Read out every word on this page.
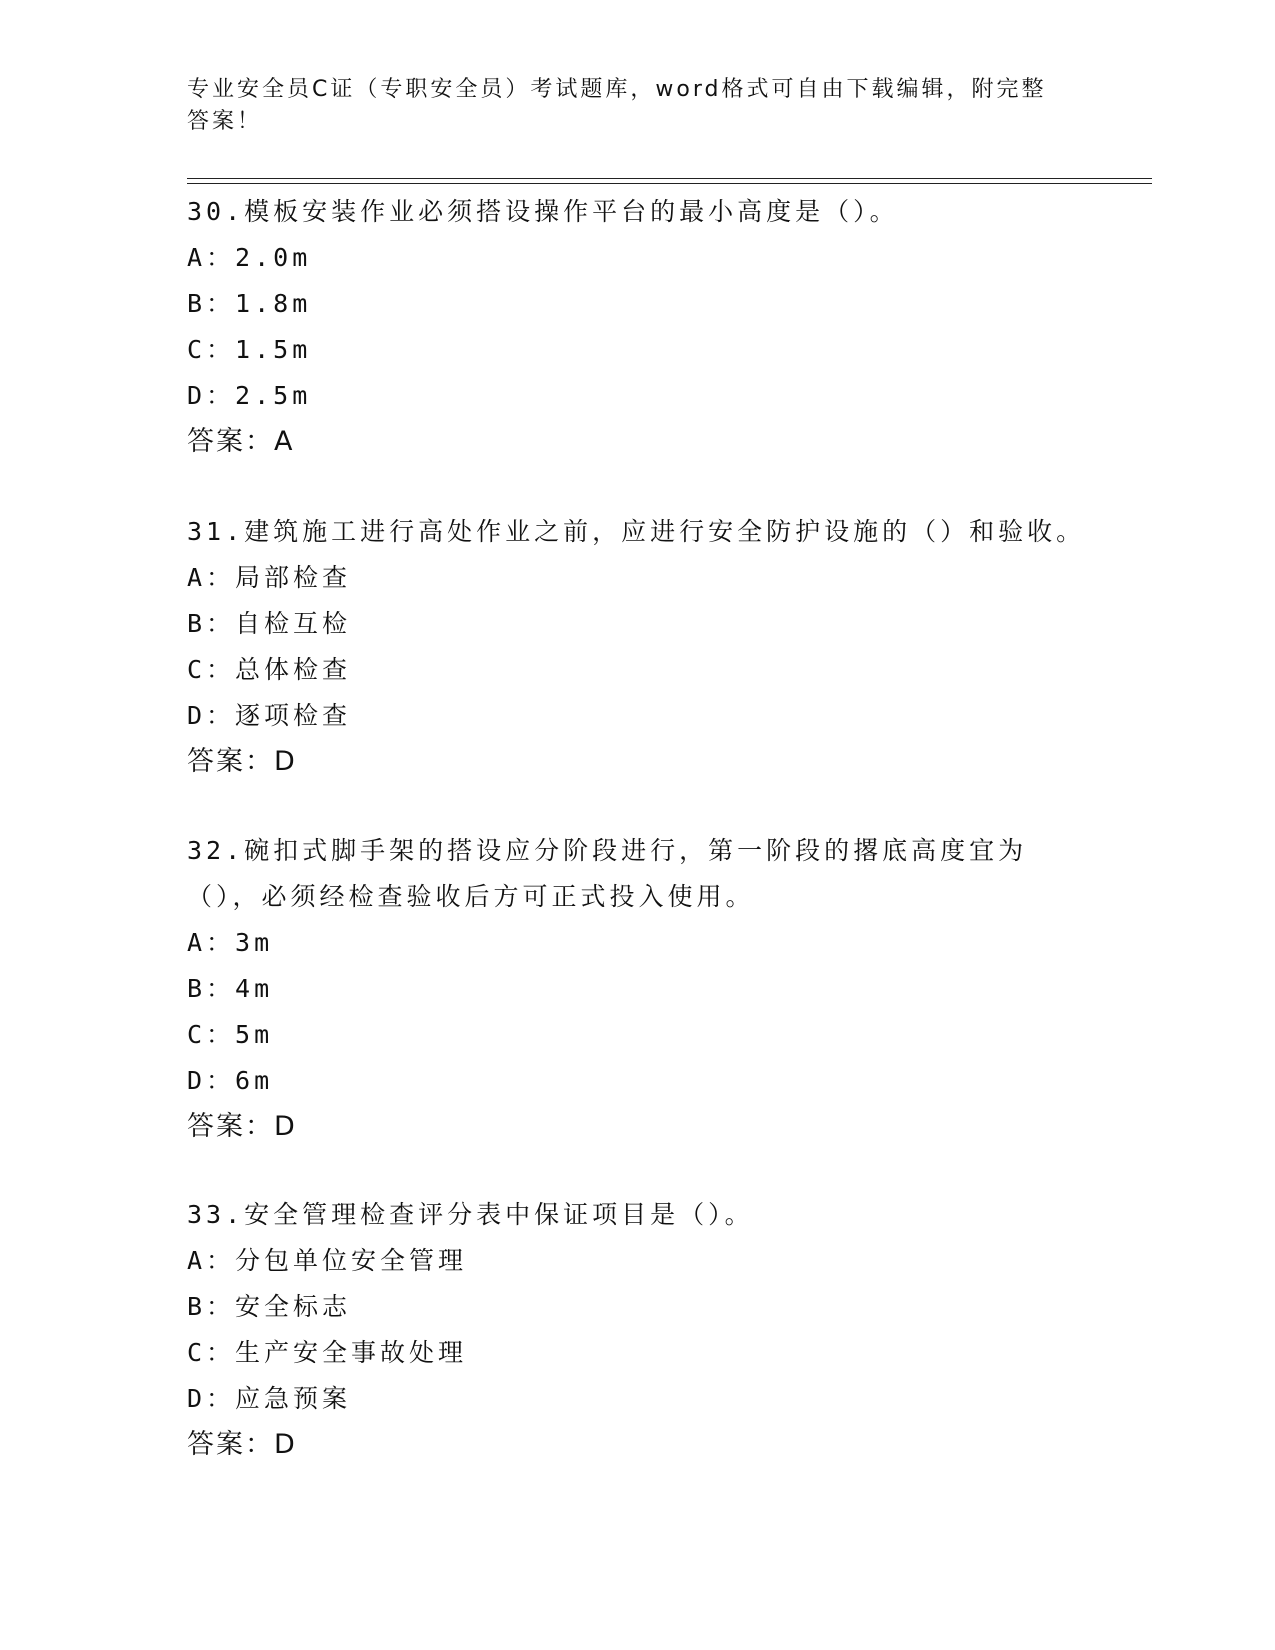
专业安全员C证（专职安全员）考试题库，word格式可自由下载编辑，附完整答案！

30.模板安装作业必须搭设操作平台的最小高度是（）。

A：2.0m

B：1.8m

C：1.5m

D：2.5m

答案：A

31.建筑施工进行高处作业之前，应进行安全防护设施的（）和验收。

A：局部检查

B：自检互检

C：总体检查

D：逐项检查

答案：D

32.碗扣式脚手架的搭设应分阶段进行，第一阶段的撂底高度宜为（），必须经检查验收后方可正式投入使用。

A：3m

B：4m

C：5m

D：6m

答案：D

33.安全管理检查评分表中保证项目是（）。

A：分包单位安全管理

B：安全标志

C：生产安全事故处理

D：应急预案

答案：D
